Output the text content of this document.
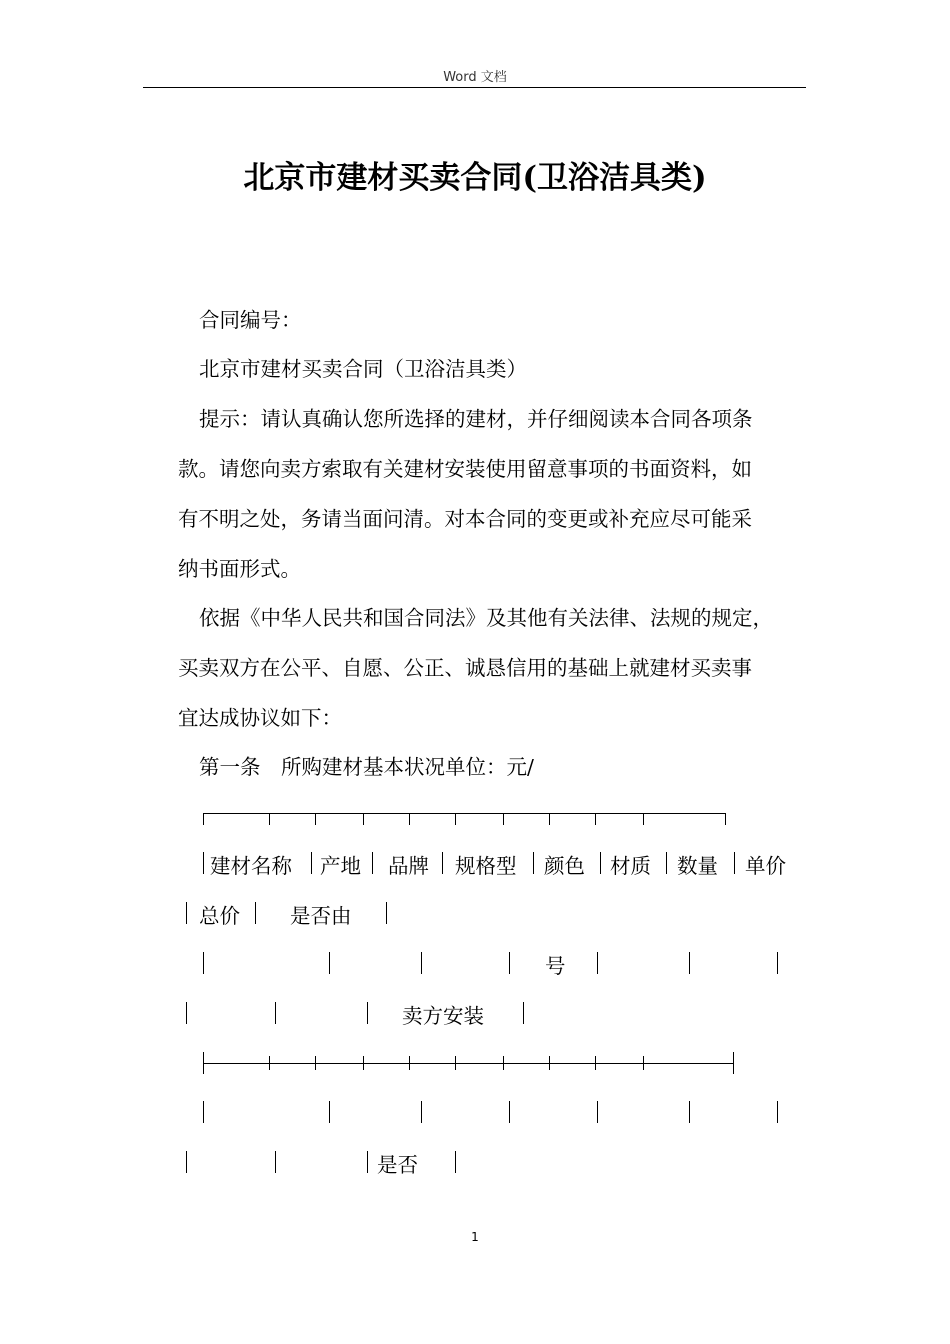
Word 文档
北京市建材买卖合同(卫浴洁具类)
合同编号：
北京市建材买卖合同（卫浴洁具类）
提示：请认真确认您所选择的建材，并仔细阅读本合同各项条
款。请您向卖方索取有关建材安装使用留意事项的书面资料，如
有不明之处，务请当面问清。对本合同的变更或补充应尽可能采
纳书面形式。
依据《中华人民共和国合同法》及其他有关法律、法规的规定，
买卖双方在公平、自愿、公正、诚恳信用的基础上就建材买卖事
宜达成协议如下：
第一条　所购建材基本状况单位：元/
建材名称 产地 品牌 规格型 颜色 材质 数量 单价
总价 是否由
号
卖方安装
是否
1
